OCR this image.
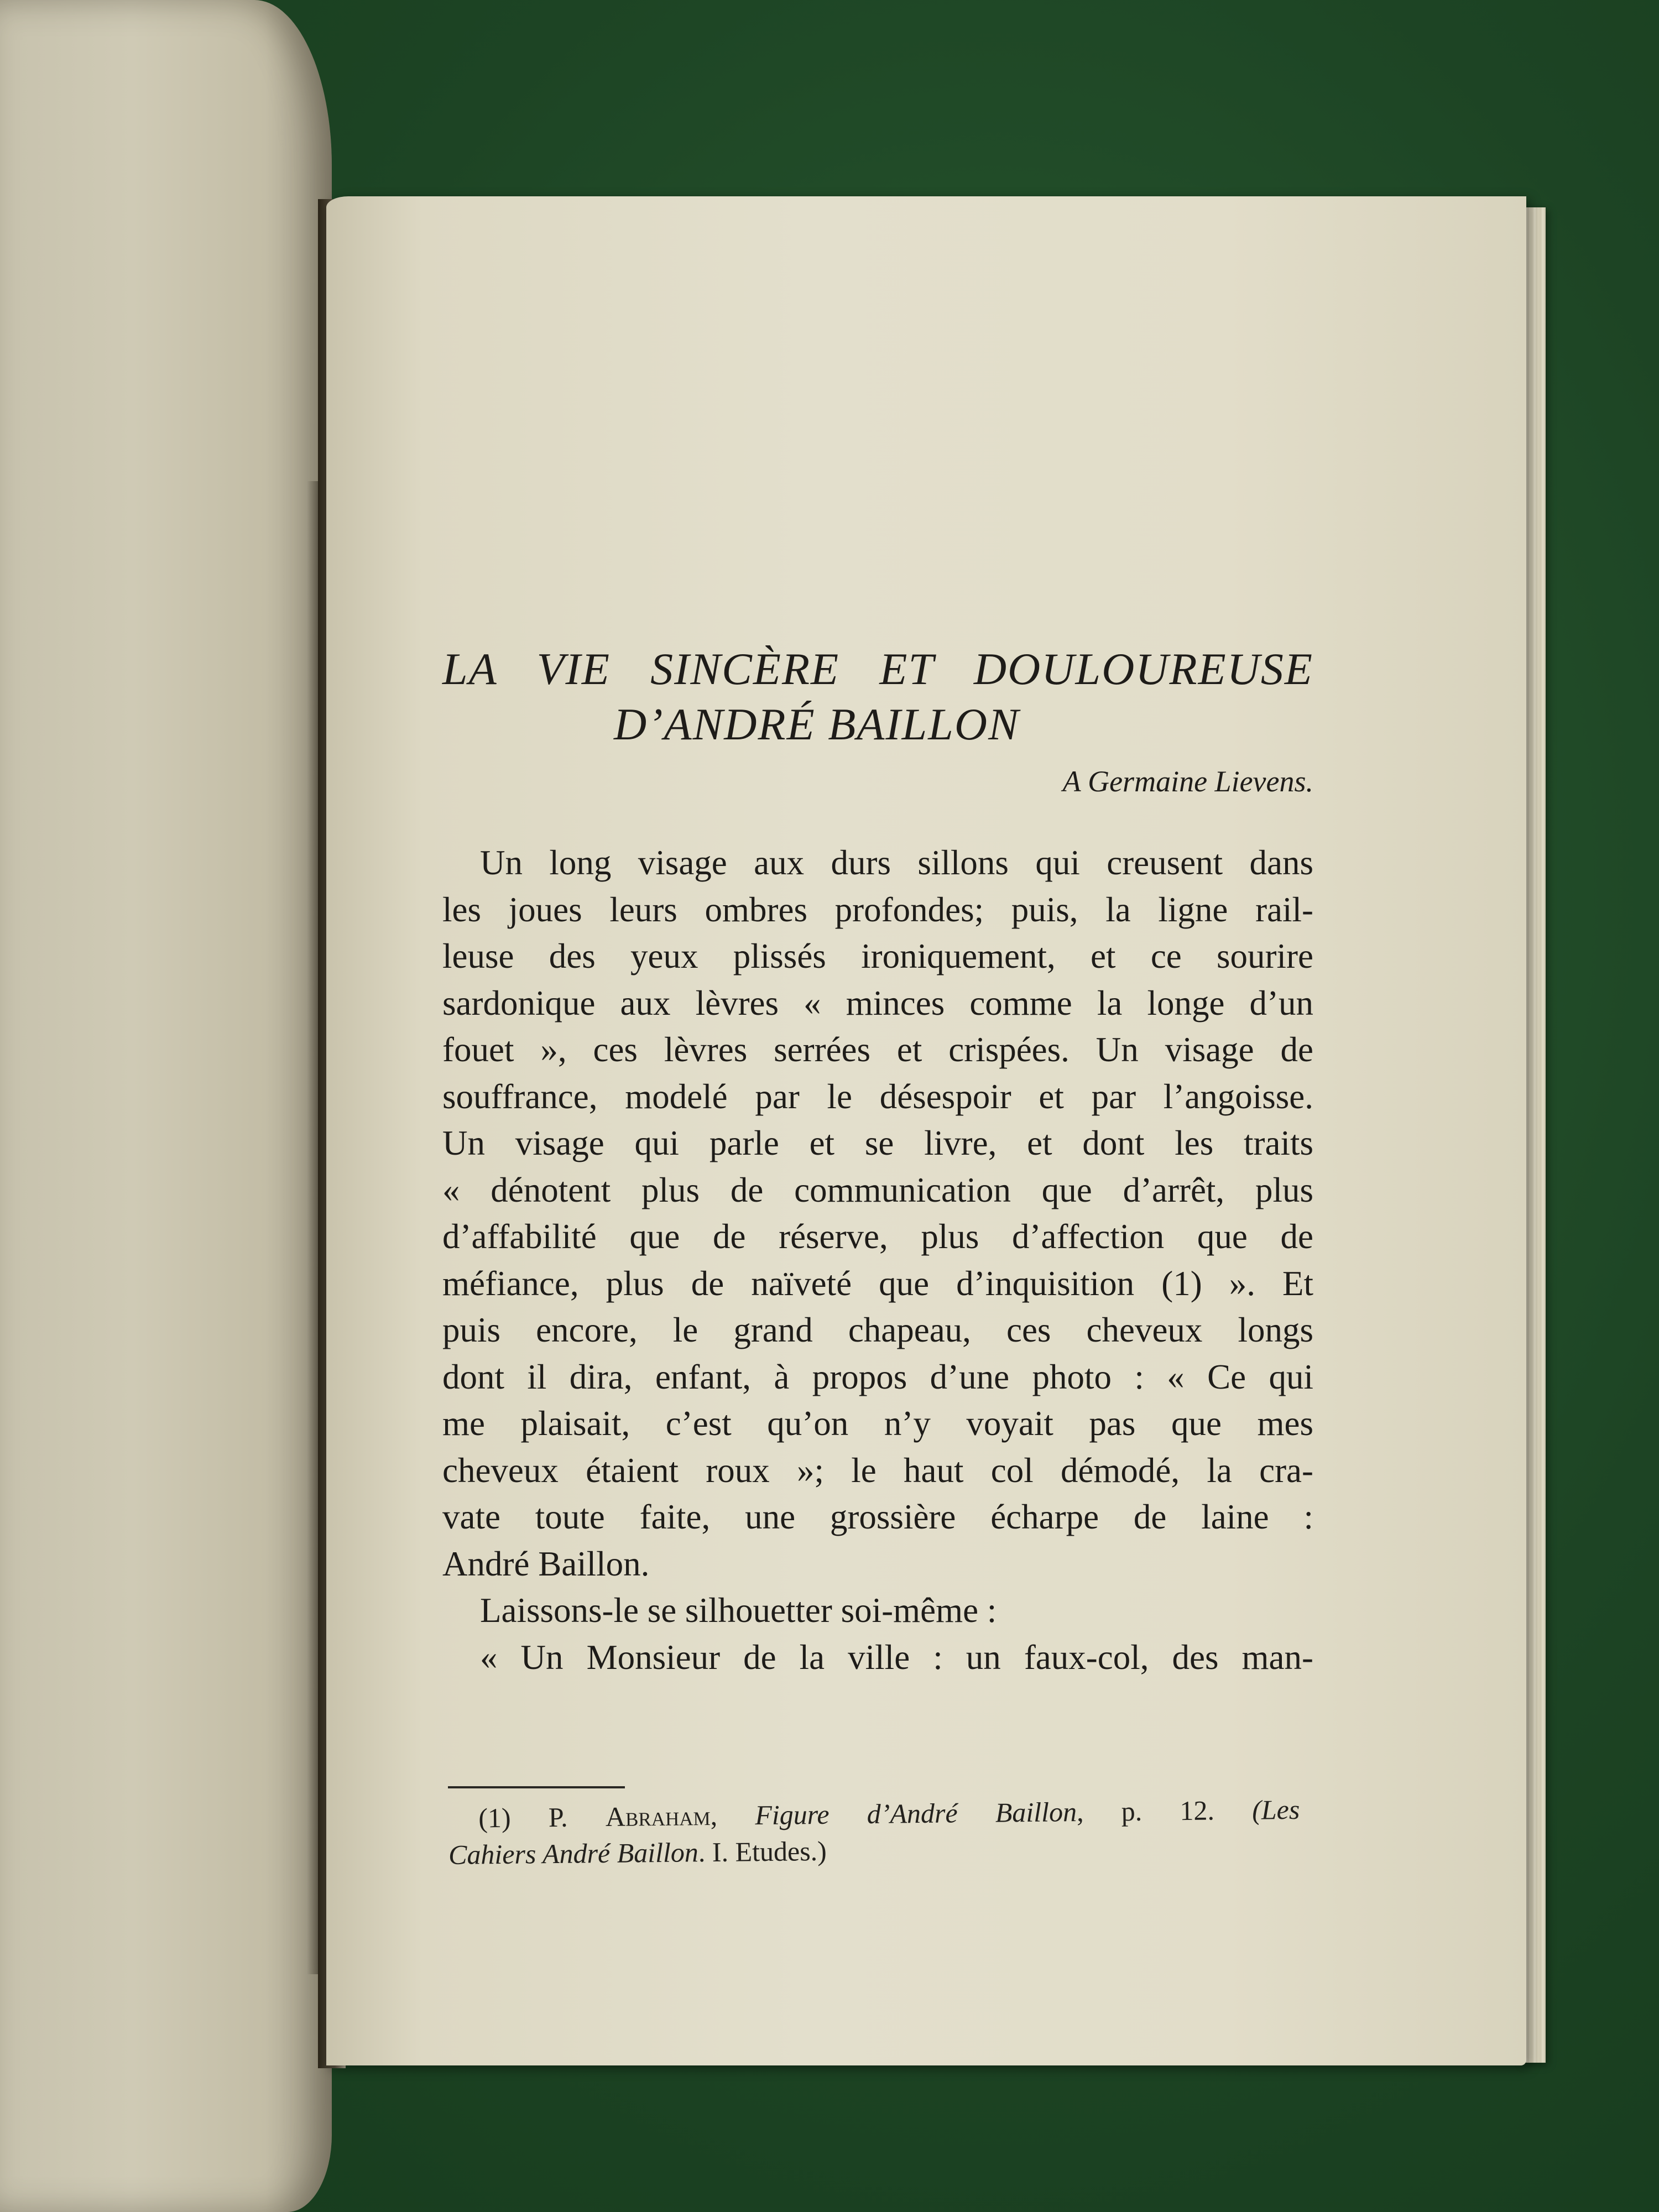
LA VIE SINCÈRE ET DOULOUREUSE
D’ANDRÉ BAILLON
A Germaine Lievens.
Un long visage aux durs sillons qui creusent dans
les joues leurs ombres profondes; puis, la ligne rail-
leuse des yeux plissés ironiquement, et ce sourire
sardonique aux lèvres « minces comme la longe d’un
fouet », ces lèvres serrées et crispées. Un visage de
souffrance, modelé par le désespoir et par l’angoisse.
Un visage qui parle et se livre, et dont les traits
« dénotent plus de communication que d’arrêt, plus
d’affabilité que de réserve, plus d’affection que de
méfiance, plus de naïveté que d’inquisition (1) ». Et
puis encore, le grand chapeau, ces cheveux longs
dont il dira, enfant, à propos d’une photo : « Ce qui
me plaisait, c’est qu’on n’y voyait pas que mes
cheveux étaient roux »; le haut col démodé, la cra-
vate toute faite, une grossière écharpe de laine :
André Baillon.
Laissons-le se silhouetter soi-même :
« Un Monsieur de la ville : un faux-col, des man-
(1) P. Abraham, Figure d’André Baillon, p. 12. (Les
Cahiers André Baillon. I. Etudes.)
